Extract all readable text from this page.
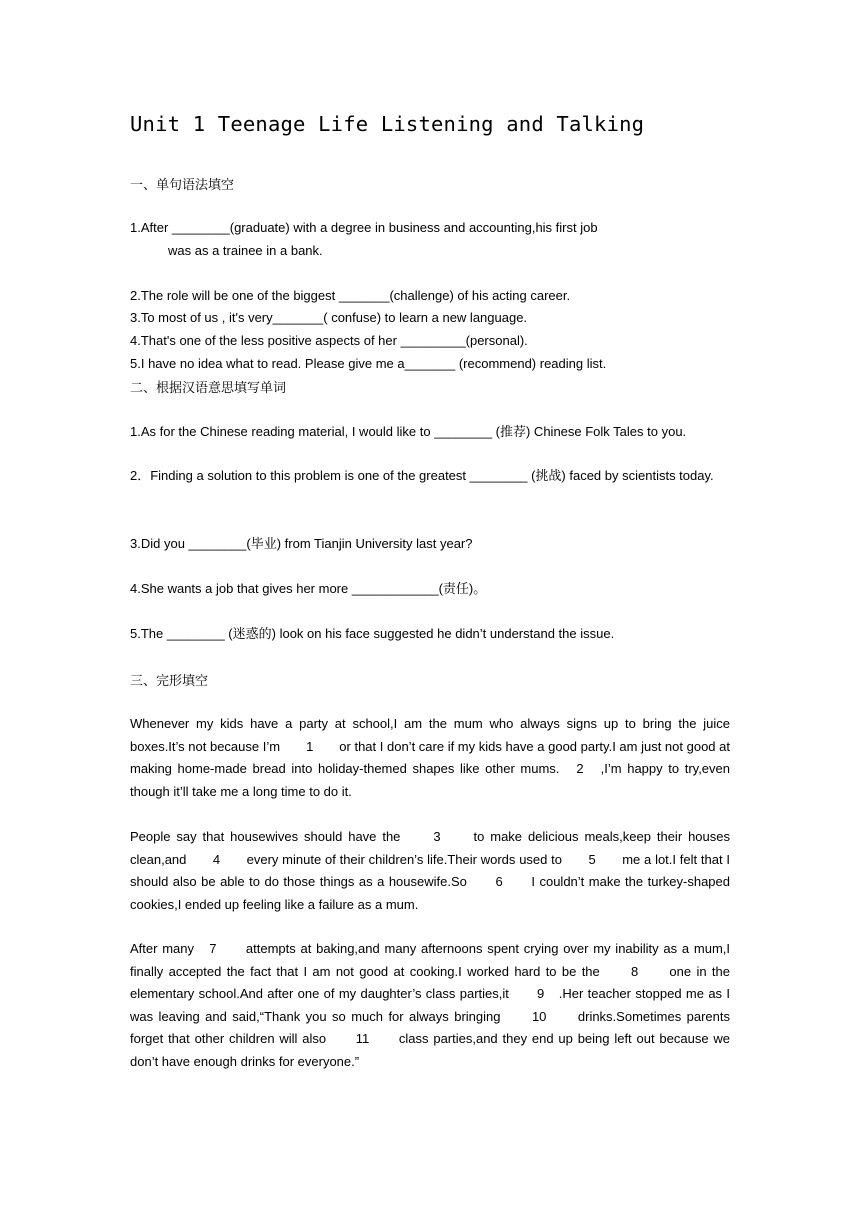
Unit 1 Teenage Life Listening and Talking
一、单句语法填空
1.After ________(graduate) with a degree in business and accounting,his first job
was as a trainee in a bank.
2.The role will be one of the biggest _______(challenge) of his acting career.
3.To most of us , it's very_______( confuse) to learn a new language.
4.That's one of the less positive aspects of her _________(personal).
5.I have no idea what to read. Please give me a_______ (recommend) reading list.
二、根据汉语意思填写单词
1.As for the Chinese reading material, I would like to ________ (推荐) Chinese Folk Tales to you.

2．Finding a solution to this problem is one of the greatest ________ (挑战) faced by scientists today.

3.Did you ________(毕业) from Tianjin University last year?
4.She wants a job that gives her more ____________(责任)。
5.The ________ (迷惑的) look on his face suggested he didn’t understand the issue.
三、完形填空

Whenever my kids have a party at school,I am the mum who always signs up to bring the juice boxes.It’s not because I’m　　1　　or that I don’t care if my kids have a good party.I am just not good at making home-made bread into holiday-themed shapes like other mums.　2　,I’m happy to try,even though it’ll take me a long time to do it.

People say that housewives should have the　　3　　to make delicious meals,keep their houses clean,and　　4　　every minute of their children’s life.Their words used to　　5　　me a lot.I felt that I should also be able to do those things as a housewife.So　　6　　I couldn’t make the turkey-shaped cookies,I ended up feeling like a failure as a mum.

After many　7　　attempts at baking,and many afternoons spent crying over my inability as a mum,I finally accepted the fact that I am not good at cooking.I worked hard to be the　　8　　one in the elementary school.And after one of my daughter’s class parties,it　　9　.Her teacher stopped me as I was leaving and said,“Thank you so much for always bringing　　10　　drinks.Sometimes parents forget that other children will also　　11　　class parties,and they end up being left out because we don’t have enough drinks for everyone.”
